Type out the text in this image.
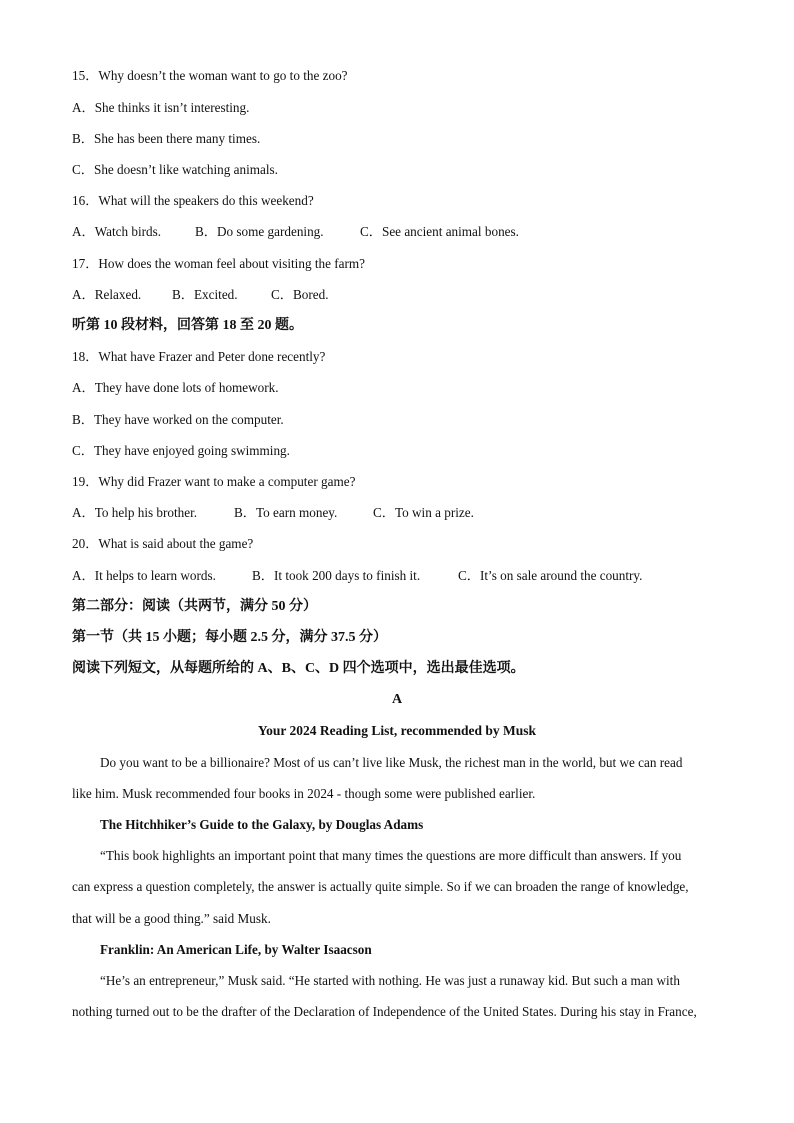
15．Why doesn’t the woman want to go to the zoo?
A．She thinks it isn’t interesting.
B．She has been there many times.
C．She doesn’t like watching animals.
16．What will the speakers do this weekend?
A．Watch birds.	B．Do some gardening.	C．See ancient animal bones.
17．How does the woman feel about visiting the farm?
A．Relaxed. B．Excited.	C．Bored.
听第 10 段材料，回答第 18 至 20 题。
18．What have Frazer and Peter done recently?
A．They have done lots of homework.
B．They have worked on the computer.
C．They have enjoyed going swimming.
19．Why did Frazer want to make a computer game?
A．To help his brother.	B．To earn money.	C．To win a prize.
20．What is said about the game?
A．It helps to learn words.	B．It took 200 days to finish it.	C．It’s on sale around the country.
第二部分：阅读（共两节，满分 50 分）
第一节（共 15 小题；每小题 2.5 分，满分 37.5 分）
阅读下列短文，从每题所给的 A、B、C、D 四个选项中，选出最佳选项。
A
Your 2024 Reading List, recommended by Musk
Do you want to be a billionaire? Most of us can’t live like Musk, the richest man in the world, but we can read
like him. Musk recommended four books in 2024 - though some were published earlier.
The Hitchhiker’s Guide to the Galaxy, by Douglas Adams
“This book highlights an important point that many times the questions are more difficult than answers. If you
can express a question completely, the answer is actually quite simple. So if we can broaden the range of knowledge,
that will be a good thing.” said Musk.
Franklin: An American Life, by Walter Isaacson
“He’s an entrepreneur,” Musk said. “He started with nothing. He was just a runaway kid. But such a man with
nothing turned out to be the drafter of the Declaration of Independence of the United States. During his stay in France,
